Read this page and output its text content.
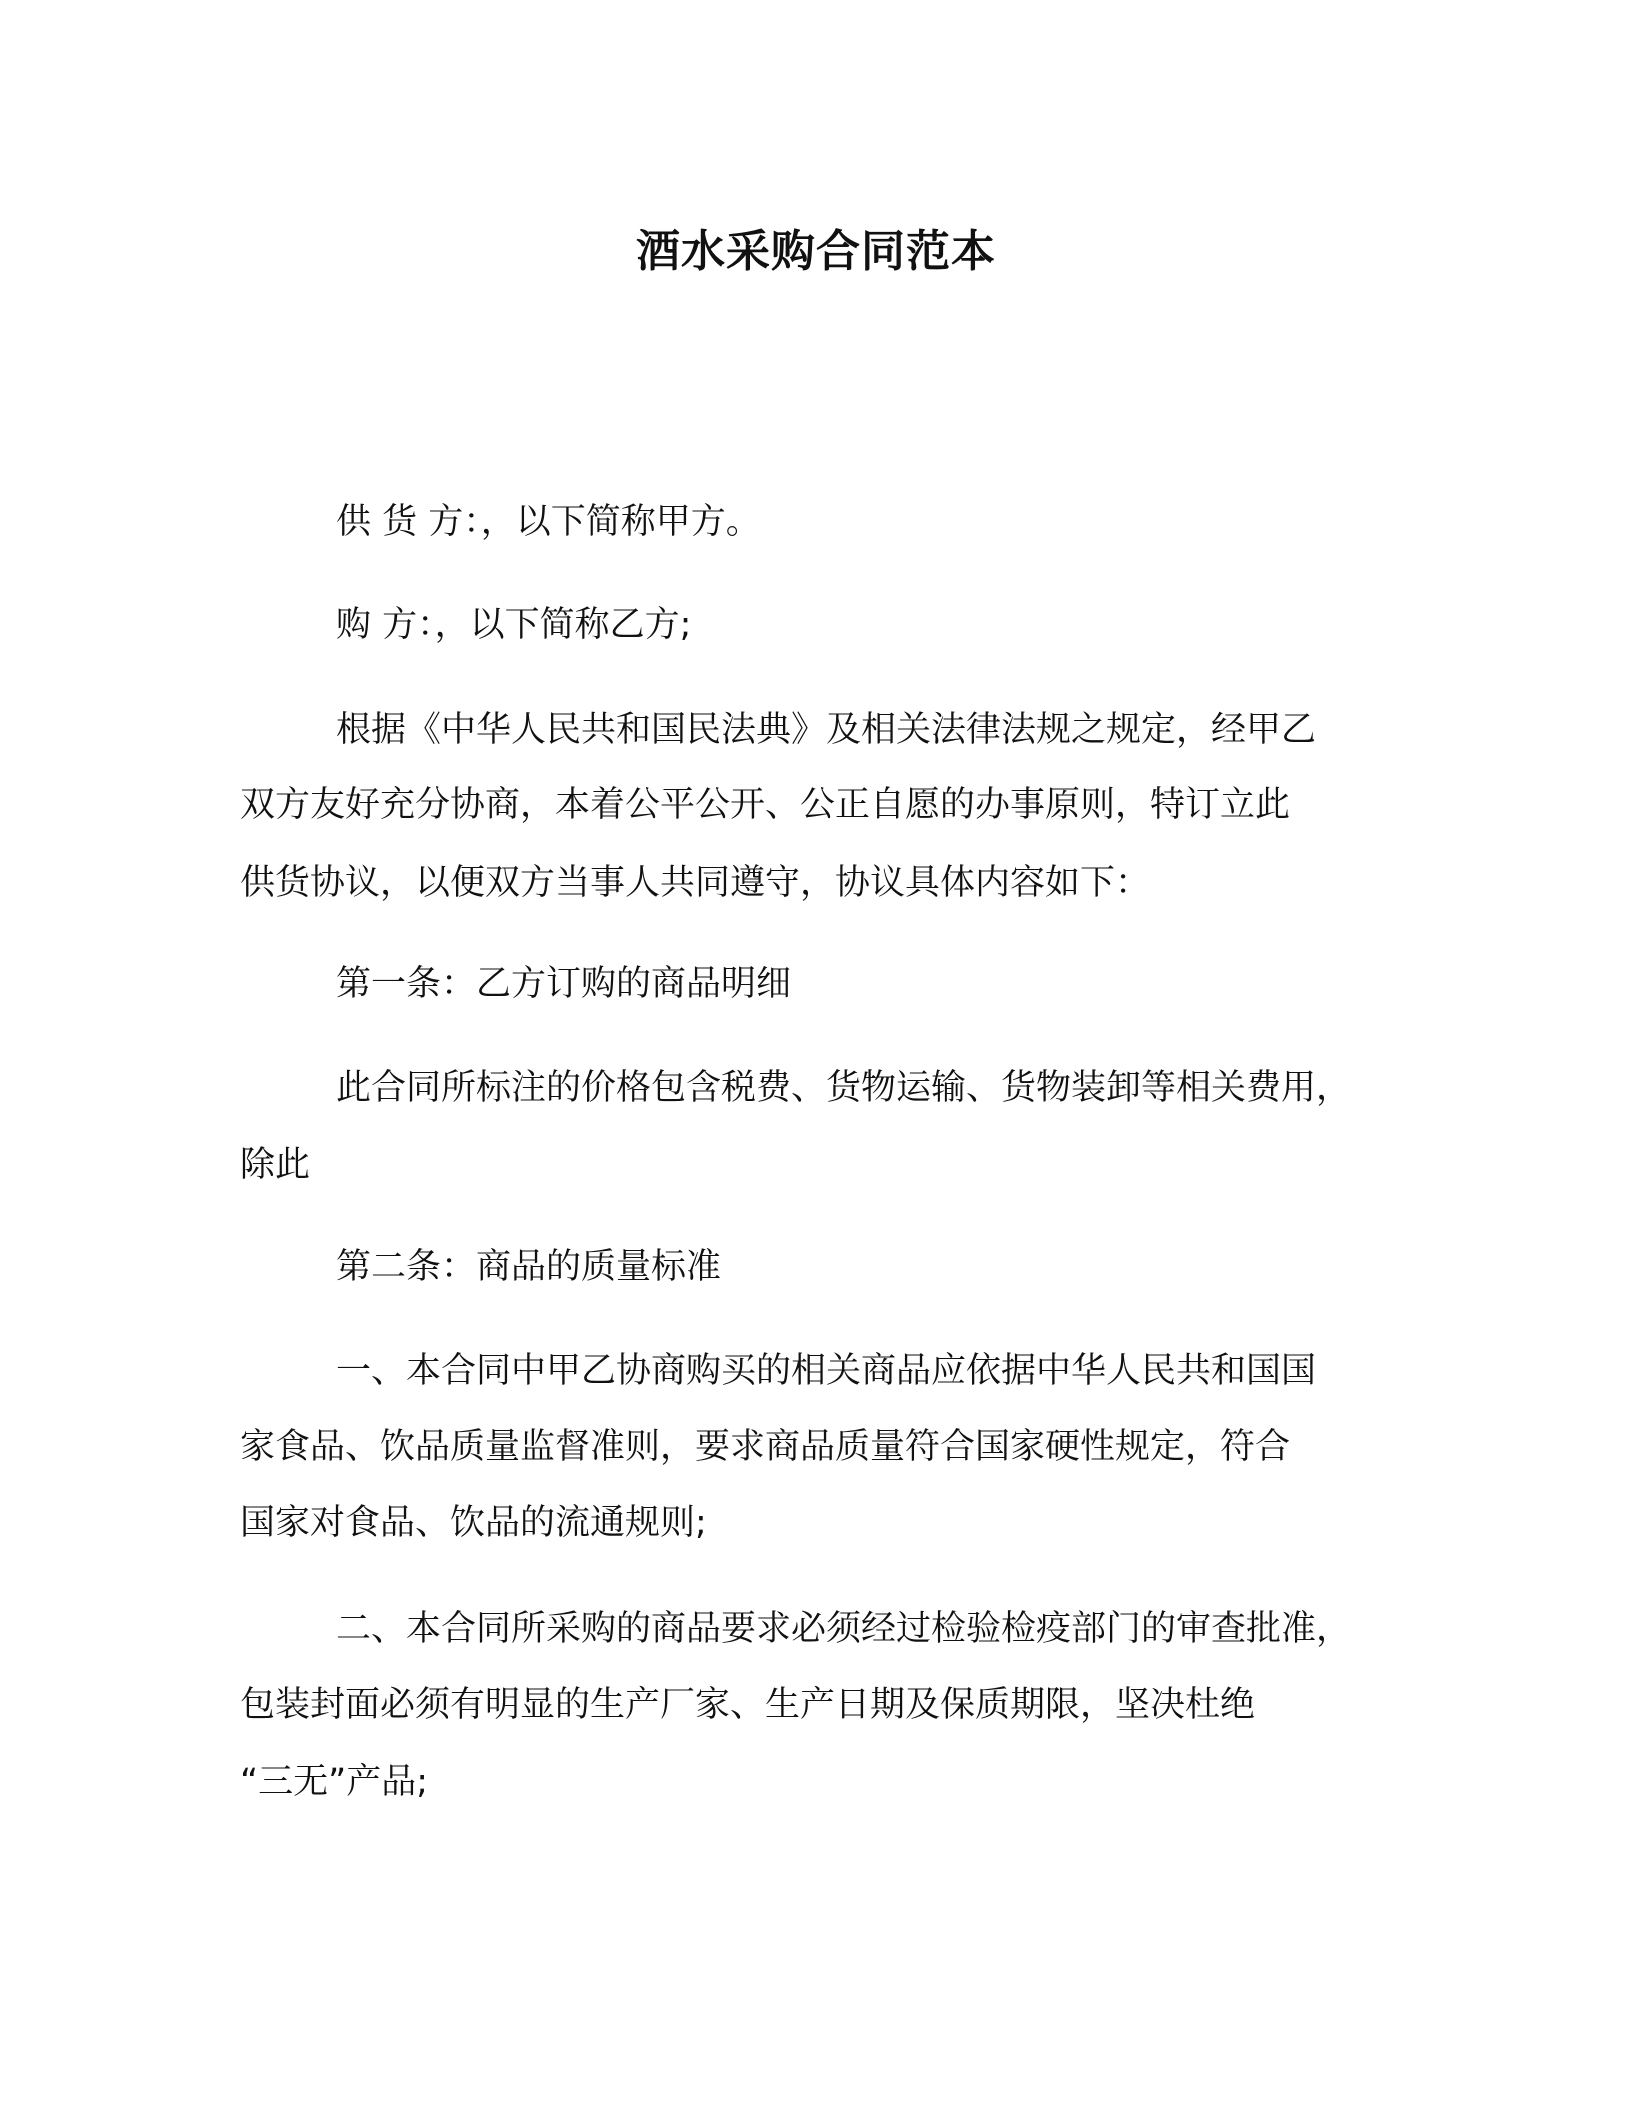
酒水采购合同范本
供 货 方：，以下简称甲方。
购 方：，以下简称乙方;
根据《中华人民共和国民法典》及相关法律法规之规定，经甲乙
双方友好充分协商，本着公平公开、公正自愿的办事原则，特订立此
供货协议，以便双方当事人共同遵守，协议具体内容如下：
第一条：乙方订购的商品明细
此合同所标注的价格包含税费、货物运输、货物装卸等相关费用，
除此
第二条：商品的质量标准
一、本合同中甲乙协商购买的相关商品应依据中华人民共和国国
家食品、饮品质量监督准则，要求商品质量符合国家硬性规定，符合
国家对食品、饮品的流通规则;
二、本合同所采购的商品要求必须经过检验检疫部门的审查批准，
包装封面必须有明显的生产厂家、生产日期及保质期限，坚决杜绝
“三无”产品;
